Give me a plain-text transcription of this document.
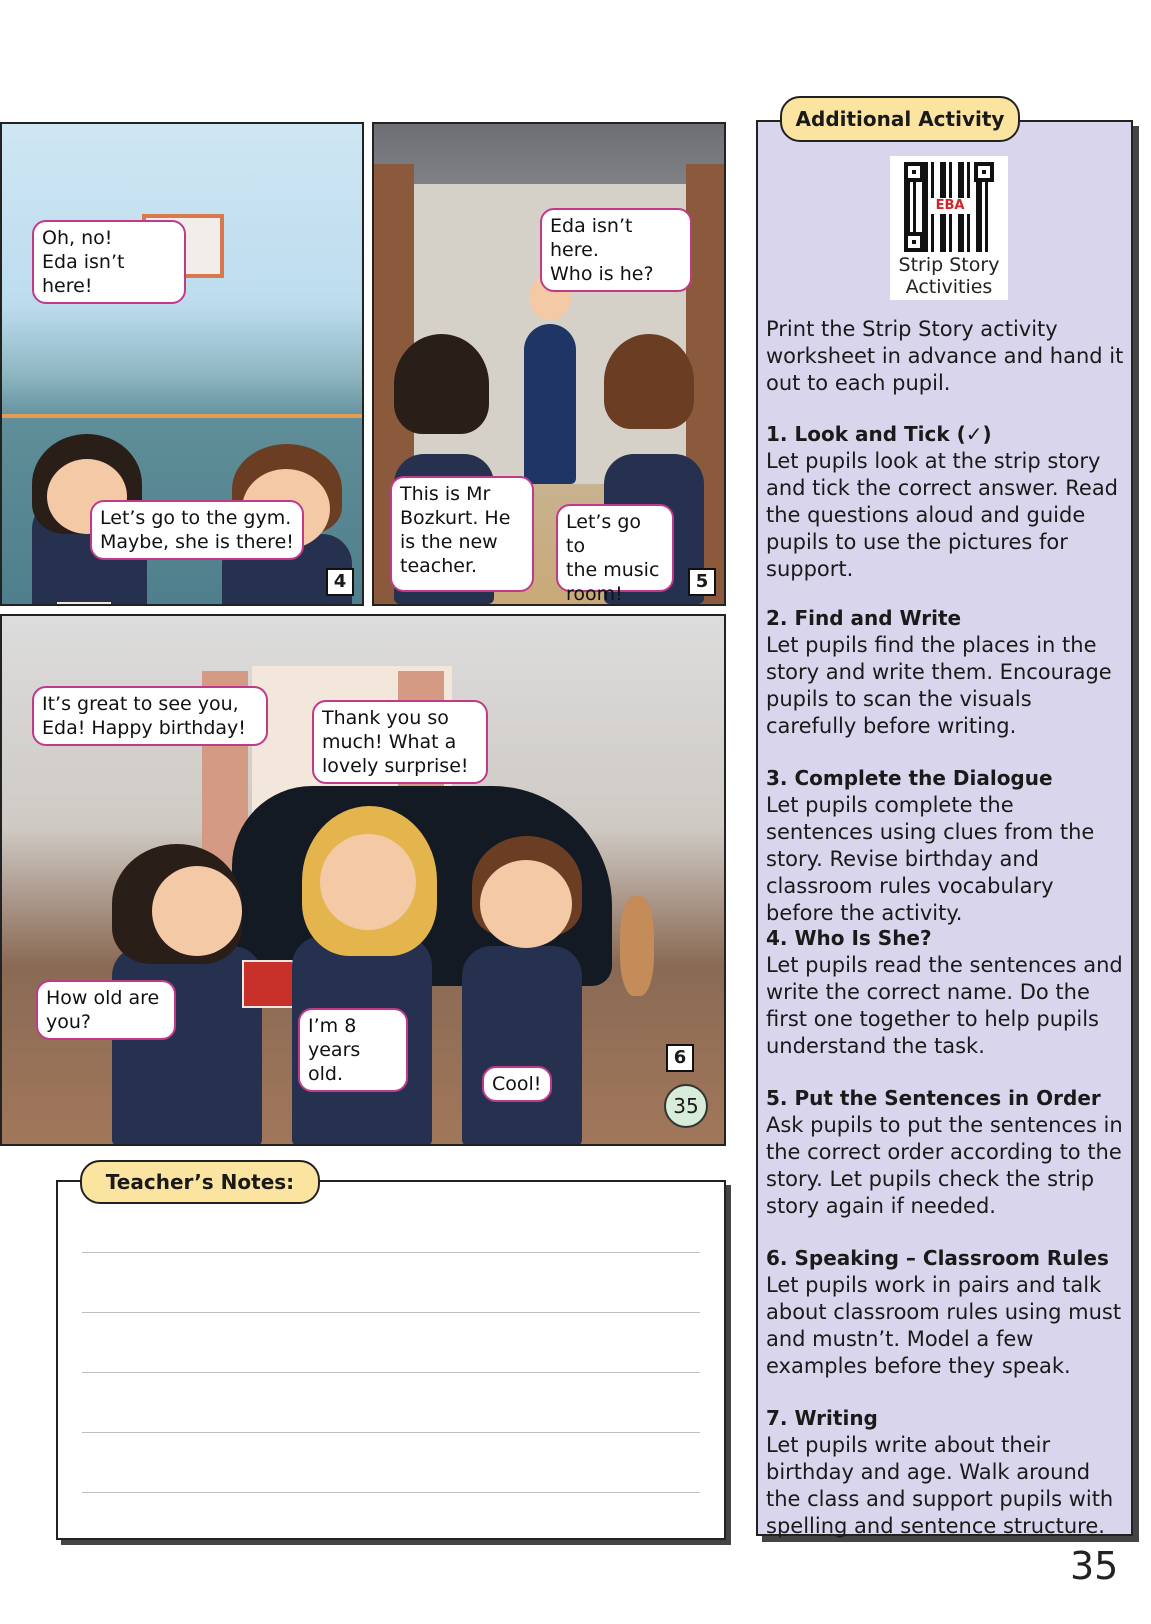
Oh, no!
Eda isn’t here!
Let’s go to the gym.
Maybe, she is there!
4
Eda isn’t here.
Who is he?
This is Mr
Bozkurt. He
is the new
teacher.
Let’s go to
the music
room!
5
It’s great to see you,
Eda! Happy birthday!	Thank you so
much! What a
lovely surprise!
How old are
you?	I’m 8
years old.	Cool!
6
35
Teacher’s Notes:
Additional Activity
EBA
Strip Story
Activities
Print the Strip Story activity worksheet in advance and hand it out to each pupil.
1. Look and Tick (✓)

Let pupils look at the strip story and tick the correct answer. Read the questions aloud and guide pupils to use the pictures for support.

2. Find and Write

Let pupils find the places in the story and write them. Encourage pupils to scan the visuals carefully before writing.

3. Complete the Dialogue

Let pupils complete the sentences using clues from the story. Revise birthday and classroom rules vocabulary before the activity.

4. Who Is She?

Let pupils read the sentences and write the correct name. Do the first one together to help pupils understand the task.

5. Put the Sentences in Order

Ask pupils to put the sentences in the correct order according to the story. Let pupils check the strip story again if needed.

6. Speaking – Classroom Rules

Let pupils work in pairs and talk about classroom rules using must and mustn’t. Model a few examples before they speak.

7. Writing

Let pupils write about their birthday and age. Walk around the class and support pupils with spelling and sentence structure.

35
